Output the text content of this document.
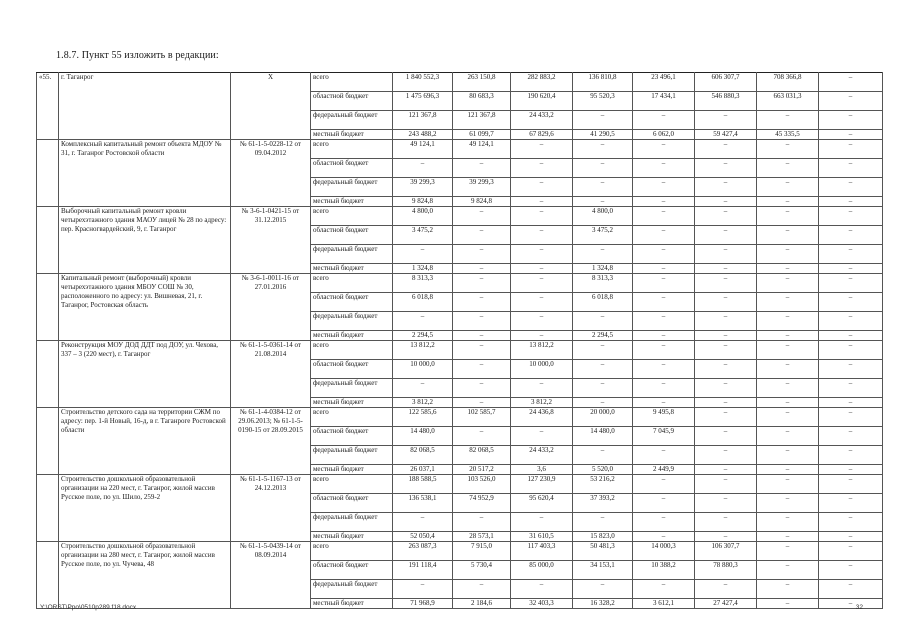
1.8.7. Пункт 55 изложить в редакции:
«55.	г. Таганрог	Х	всего	1 840 552,3	263 150,8	282 883,2	136 810,8	23 496,1	606 307,7	708 366,8	–
			областной бюджет	1 475 696,3	80 683,3	190 620,4	95 520,3	17 434,1	546 880,3	663 031,3	–
			федеральный бюджет	121 367,8	121 367,8	24 433,2	–	–	–	–	–
			местный бюджет	243 488,2	61 099,7	67 829,6	41 290,5	6 062,0	59 427,4	45 335,5	–
	Комплексный капитальный ремонт объекта МДОУ № 31, г. Таганрог Ростовской области	№ 61-1-5-0228-12 от 09.04.2012	всего	49 124,1	49 124,1	–	–	–	–	–	–
			областной бюджет	–	–	–	–	–	–	–	–
			федеральный бюджет	39 299,3	39 299,3	–	–	–	–	–	–
			местный бюджет	9 824,8	9 824,8	–	–	–	–	–	–
	Выборочный капитальный ремонт кровли четырехэтажного здания МАОУ лицей № 28 по адресу: пер. Красногвардейский, 9, г. Таганрог	№ 3-6-1-0421-15 от 31.12.2015	всего	4 800,0	–	–	4 800,0	–	–	–	–
			областной бюджет	3 475,2	–	–	3 475,2	–	–	–	–
			федеральный бюджет	–	–	–	–	–	–	–	–
			местный бюджет	1 324,8	–	–	1 324,8	–	–	–	–
	Капитальный ремонт (выборочный) кровли четырехэтажного здания МБОУ СОШ № 30, расположенного по адресу: ул. Вишневая, 21, г. Таганрог, Ростовская область	№ 3-6-1-0011-16 от 27.01.2016	всего	8 313,3	–	–	8 313,3	–	–	–	–
			областной бюджет	6 018,8	–	–	6 018,8	–	–	–	–
			федеральный бюджет	–	–	–	–	–	–	–	–
			местный бюджет	2 294,5	–	–	2 294,5	–	–	–	–
	Реконструкция МОУ ДОД ДДТ под ДОУ, ул. Чехова, 337 – 3 (220 мест), г. Таганрог	№ 61-1-5-0361-14 от 21.08.2014	всего	13 812,2	–	13 812,2	–	–	–	–	–
			областной бюджет	10 000,0	–	10 000,0	–	–	–	–	–
			федеральный бюджет	–	–	–	–	–	–	–	–
			местный бюджет	3 812,2	–	3 812,2	–	–	–	–	–
	Строительство детского сада на территории СЖМ по адресу: пер. 1-й Новый, 16-д, в г. Таганроге Ростовской области	№ 61-1-4-0384-12 от 29.06.2013; № 61-1-5-0190-15 от 28.09.2015	всего	122 585,6	102 585,7	24 436,8	20 000,0	9 495,8	–	–	–
			областной бюджет	14 480,0	–	–	14 480,0	7 045,9	–	–	–
			федеральный бюджет	82 068,5	82 068,5	24 433,2	–	–	–	–	–
			местный бюджет	26 037,1	20 517,2	3,6	5 520,0	2 449,9	–	–	–
	Строительство дошкольной образовательной организации на 220 мест, г. Таганрог, жилой массив Русское поле, по ул. Шило, 259-2	№ 61-1-5-1167-13 от 24.12.2013	всего	188 588,5	103 526,0	127 230,9	53 216,2	–	–	–	–
			областной бюджет	136 538,1	74 952,9	95 620,4	37 393,2	–	–	–	–
			федеральный бюджет	–	–	–	–	–	–	–	–
			местный бюджет	52 050,4	28 573,1	31 610,5	15 823,0	–	–	–	–
	Строительство дошкольной образовательной организации на 280 мест, г. Таганрог, жилой массив Русское поле, по ул. Чучева, 48	№ 61-1-5-0439-14 от 08.09.2014	всего	263 087,3	7 915,0	117 403,3	50 481,3	14 000,3	106 307,7	–	–
			областной бюджет	191 118,4	5 730,4	85 000,0	34 153,1	10 388,2	78 880,3	–	–
			федеральный бюджет	–	–	–	–	–	–	–	–
			местный бюджет	71 968,9	2 184,6	32 403,3	16 328,2	3 612,1	27 427,4	–	–
Y:\ORST\Ppo\0510p289.f18.docx	32
